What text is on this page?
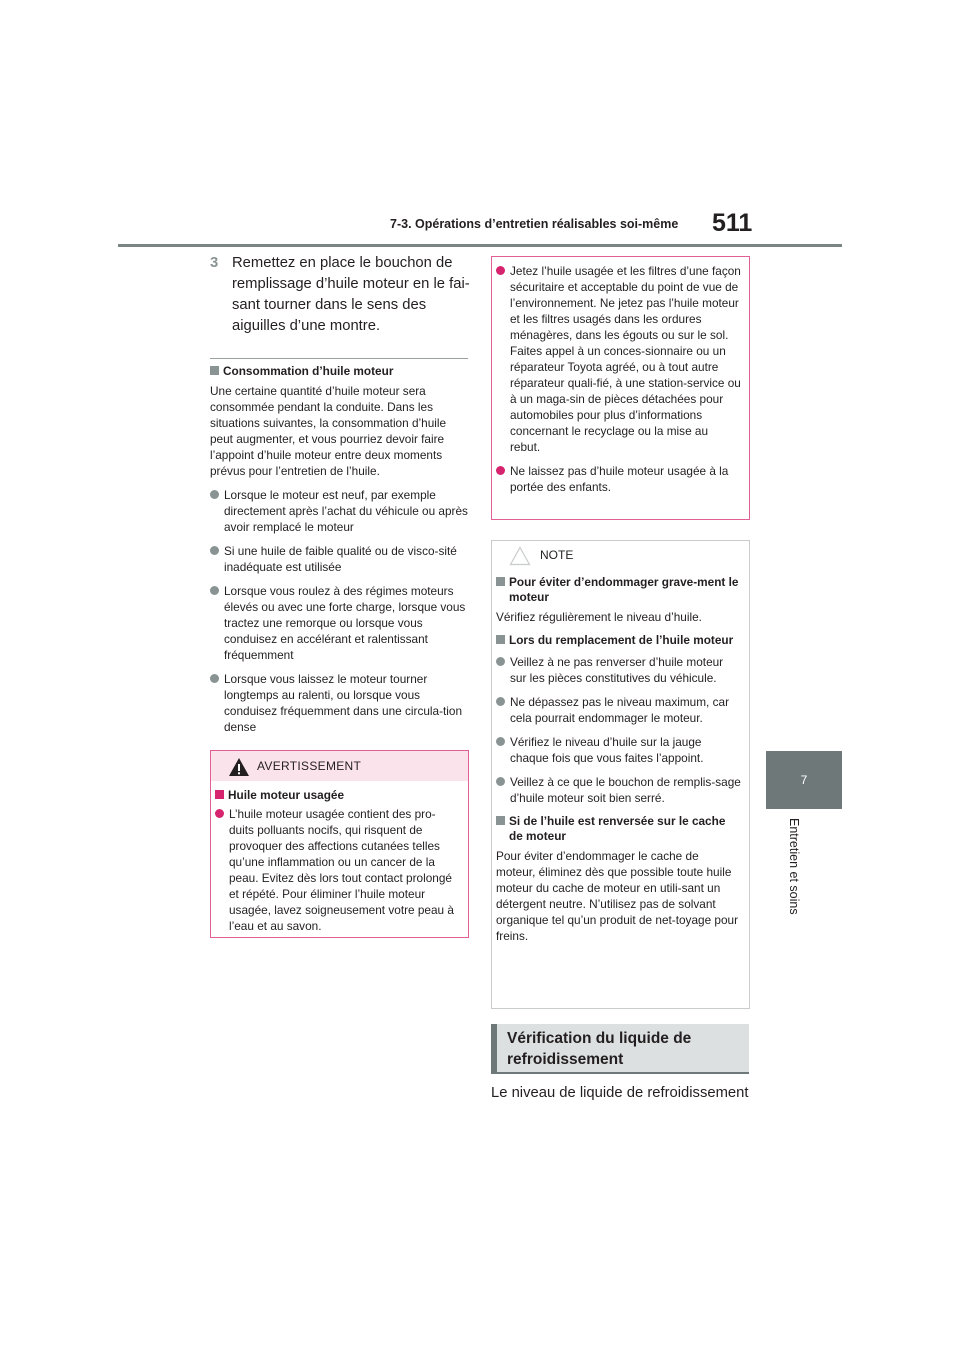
7-3. Opérations d’entretien réalisables soi-même	511
7
Entretien et soins
3 Remettez en place le bouchon de remplissage d’huile moteur en le fai-sant tourner dans le sens des aiguilles d’une montre.
Consommation d’huile moteur
Une certaine quantité d’huile moteur sera consommée pendant la conduite. Dans les situations suivantes, la consommation d’huile peut augmenter, et vous pourriez devoir faire l’appoint d’huile moteur entre deux moments prévus pour l’entretien de l’huile.
Lorsque le moteur est neuf, par exemple directement après l’achat du véhicule ou après avoir remplacé le moteur
Si une huile de faible qualité ou de visco-sité inadéquate est utilisée
Lorsque vous roulez à des régimes moteurs élevés ou avec une forte charge, lorsque vous tractez une remorque ou lorsque vous conduisez en accélérant et ralentissant fréquemment
Lorsque vous laissez le moteur tourner longtemps au ralenti, ou lorsque vous conduisez fréquemment dans une circula-tion dense
AVERTISSEMENT
Huile moteur usagée
L’huile moteur usagée contient des pro-duits polluants nocifs, qui risquent de provoquer des affections cutanées telles qu’une inflammation ou un cancer de la peau. Evitez dès lors tout contact prolongé et répété. Pour éliminer l’huile moteur usagée, lavez soigneusement votre peau à l’eau et au savon.
Jetez l’huile usagée et les filtres d’une façon sécuritaire et acceptable du point de vue de l’environnement. Ne jetez pas l’huile moteur et les filtres usagés dans les ordures ménagères, dans les égouts ou sur le sol. Faites appel à un conces-sionnaire ou un réparateur Toyota agréé, ou à tout autre réparateur quali-fié, à une station-service ou à un maga-sin de pièces détachées pour automobiles pour plus d’informations concernant le recyclage ou la mise au rebut.
Ne laissez pas d’huile moteur usagée à la portée des enfants.
NOTE
Pour éviter d’endommager grave-ment le moteur
Vérifiez régulièrement le niveau d’huile.
Lors du remplacement de l’huile moteur
Veillez à ne pas renverser d’huile moteur sur les pièces constitutives du véhicule.
Ne dépassez pas le niveau maximum, car cela pourrait endommager le moteur.
Vérifiez le niveau d’huile sur la jauge chaque fois que vous faites l’appoint.
Veillez à ce que le bouchon de remplis-sage d’huile moteur soit bien serré.
Si de l’huile est renversée sur le cache de moteur
Pour éviter d’endommager le cache de moteur, éliminez dès que possible toute huile moteur du cache de moteur en utili-sant un détergent neutre. N’utilisez pas de solvant organique tel qu’un produit de net-toyage pour freins.
Vérification du liquide de refroidissement
Le niveau de liquide de refroidissement
